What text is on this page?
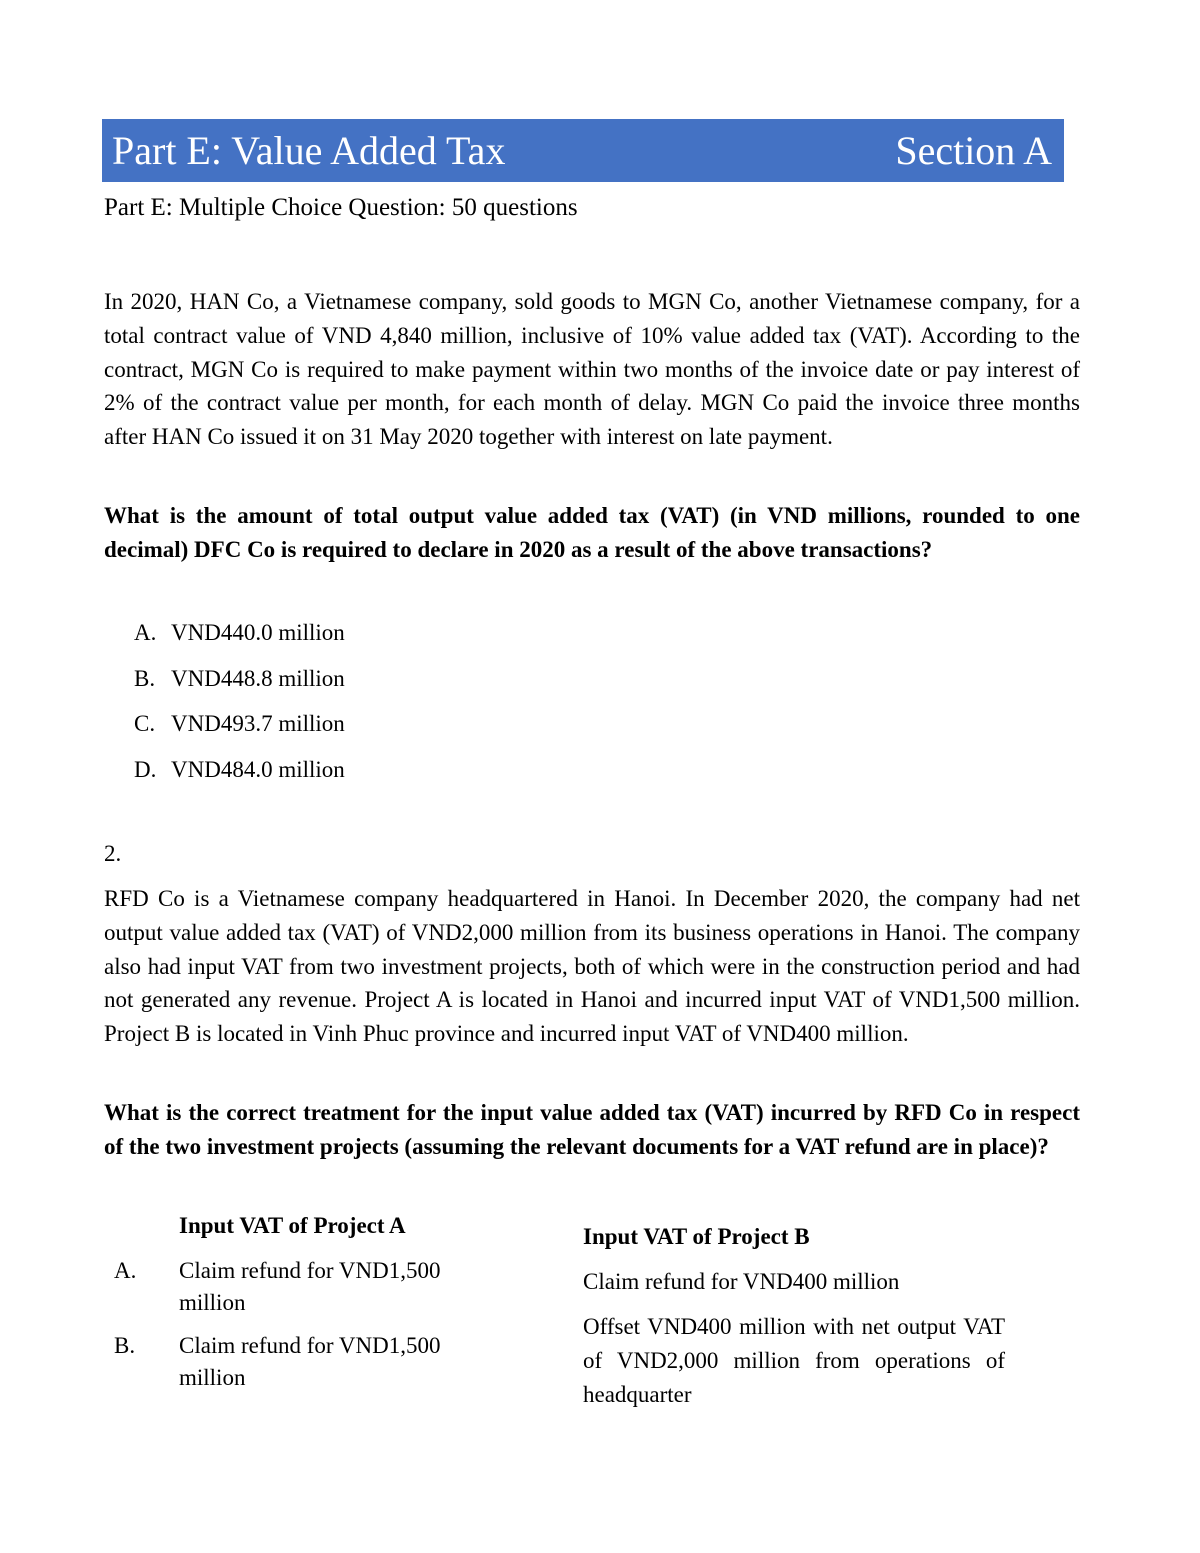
Part E: Value Added Tax	Section A
Part E: Multiple Choice Question: 50 questions
In 2020, HAN Co, a Vietnamese company, sold goods to MGN Co, another Vietnamese company, for a total contract value of VND 4,840 million, inclusive of 10% value added tax (VAT). According to the contract, MGN Co is required to make payment within two months of the invoice date or pay interest of 2% of the contract value per month, for each month of delay. MGN Co paid the invoice three months after HAN Co issued it on 31 May 2020 together with interest on late payment.
What is the amount of total output value added tax (VAT) (in VND millions, rounded to one decimal) DFC Co is required to declare in 2020 as a result of the above transactions?
A. VND440.0 million
B. VND448.8 million
C. VND493.7 million
D. VND484.0 million
2.
RFD Co is a Vietnamese company headquartered in Hanoi. In December 2020, the company had net output value added tax (VAT) of VND2,000 million from its business operations in Hanoi. The company also had input VAT from two investment projects, both of which were in the construction period and had not generated any revenue. Project A is located in Hanoi and incurred input VAT of VND1,500 million. Project B is located in Vinh Phuc province and incurred input VAT of VND400 million.
What is the correct treatment for the input value added tax (VAT) incurred by RFD Co in respect of the two investment projects (assuming the relevant documents for a VAT refund are in place)?
Input VAT of Project A	Input VAT of Project B
A. Claim refund for VND1,500 million
Claim refund for VND400 million
B. Claim refund for VND1,500 million
Offset VND400 million with net output VAT of VND2,000 million from operations of headquarter
